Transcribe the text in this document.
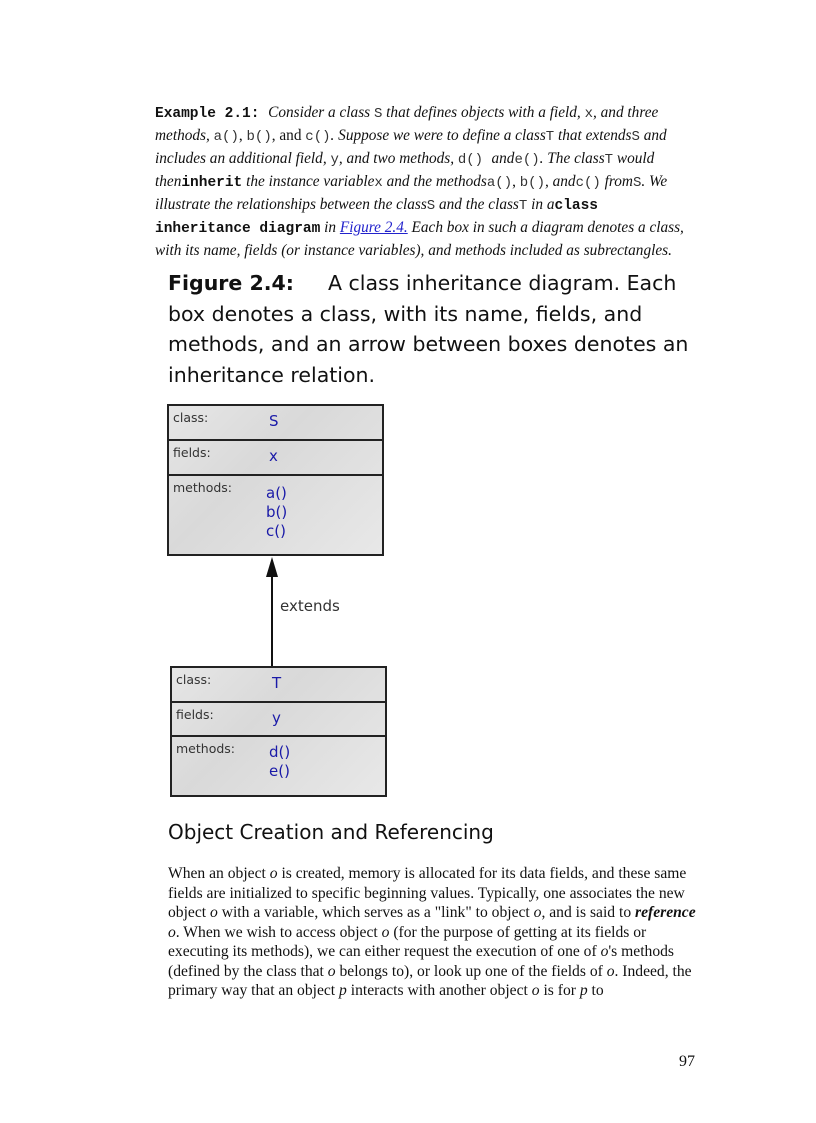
Example 2.1: Consider a class S that defines objects with a field, x, and three methods, a(), b(), and c(). Suppose we were to define a classT that extendsS and includes an additional field, y, and two methods, d() ande(). The classT would theninherit the instance variablex and the methodsa(), b(), andc() fromS. We illustrate the relationships between the classS and the classT in aclass inheritance diagram in Figure 2.4. Each box in such a diagram denotes a class, with its name, fields (or instance variables), and methods included as subrectangles.
Figure 2.4: A class inheritance diagram. Each box denotes a class, with its name, fields, and methods, and an arrow between boxes denotes an inheritance relation.
class:	S
fields:	x
methods: a()
b()
c()
extends
class:	T
fields:	y
methods: d()
e()
Object Creation and Referencing
When an object o is created, memory is allocated for its data fields, and these same fields are initialized to specific beginning values. Typically, one associates the new object o with a variable, which serves as a "link" to object o, and is said to reference o. When we wish to access object o (for the purpose of getting at its fields or executing its methods), we can either request the execution of one of o's methods (defined by the class that o belongs to), or look up one of the fields of o. Indeed, the primary way that an object p interacts with another object o is for p to
97
